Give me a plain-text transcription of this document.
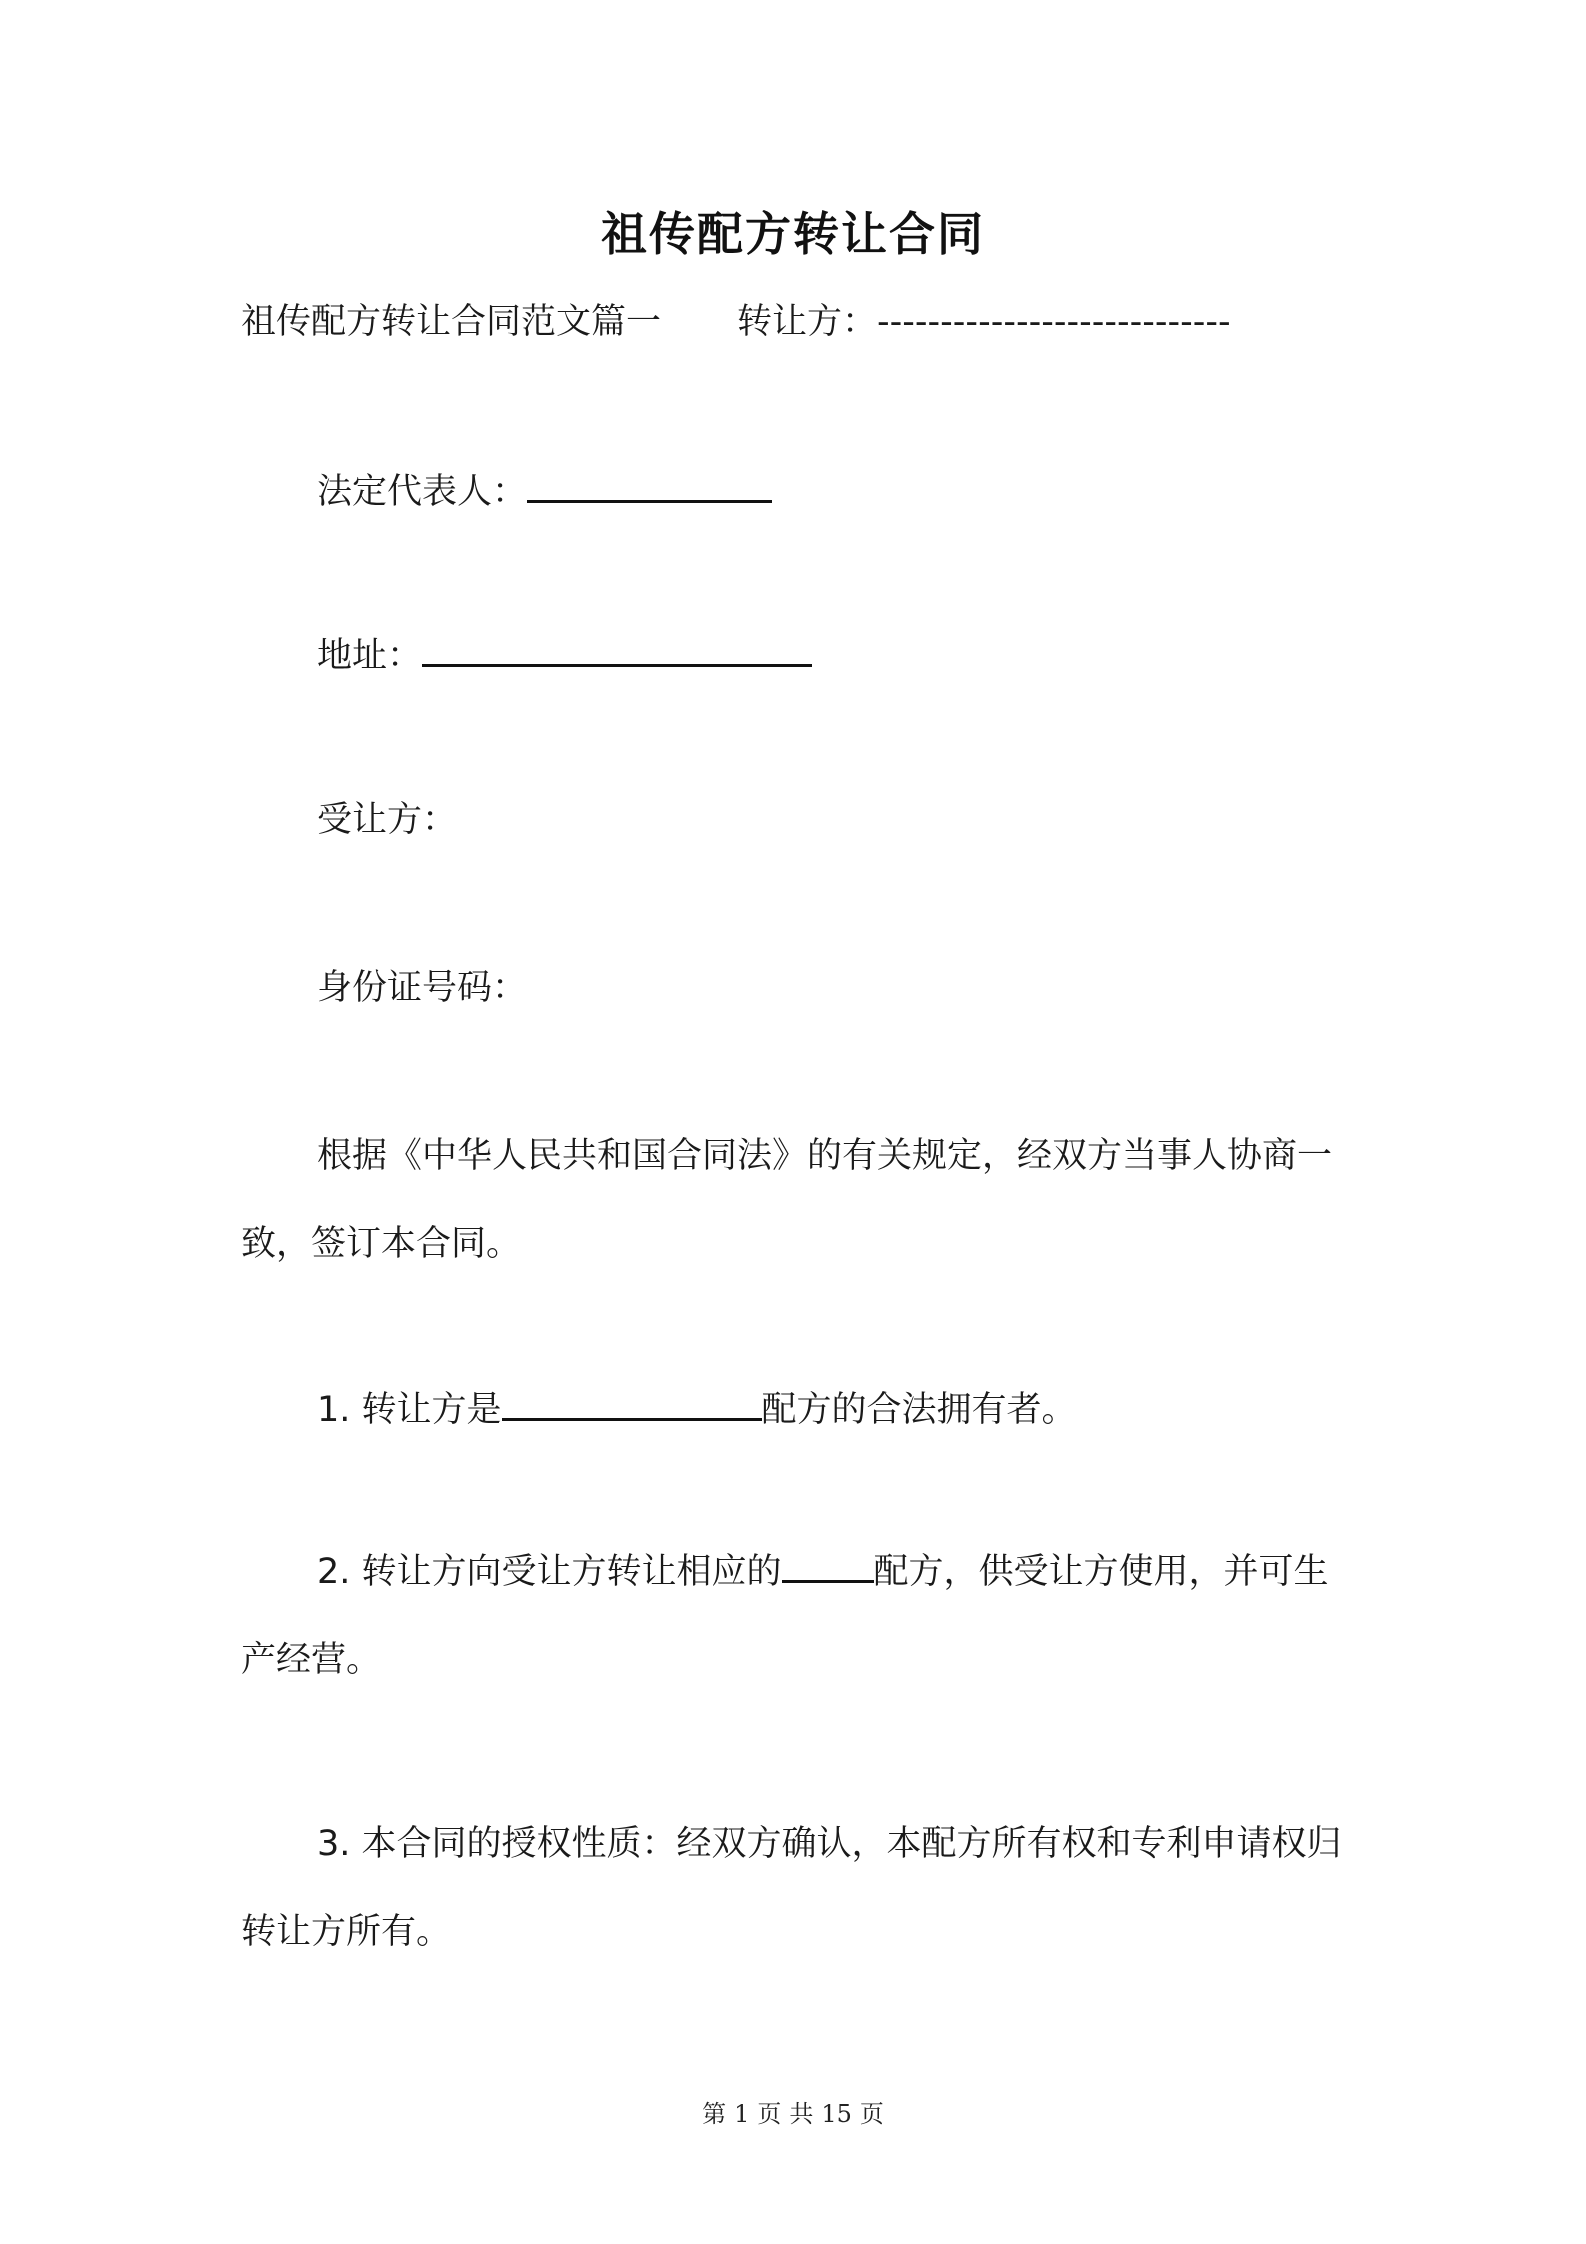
祖传配方转让合同
祖传配方转让合同范文篇一 转让方：----------------------------
法定代表人：
地址：
受让方：
身份证号码：
根据《中华人民共和国合同法》的有关规定，经双方当事人协商一致，签订本合同。
1. 转让方是	配方的合法拥有者。
2. 转让方向受让方转让相应的	配方，供受让方使用，并可生产经营。
3. 本合同的授权性质：经双方确认，本配方所有权和专利申请权归转让方所有。
第 1 页 共 15 页
